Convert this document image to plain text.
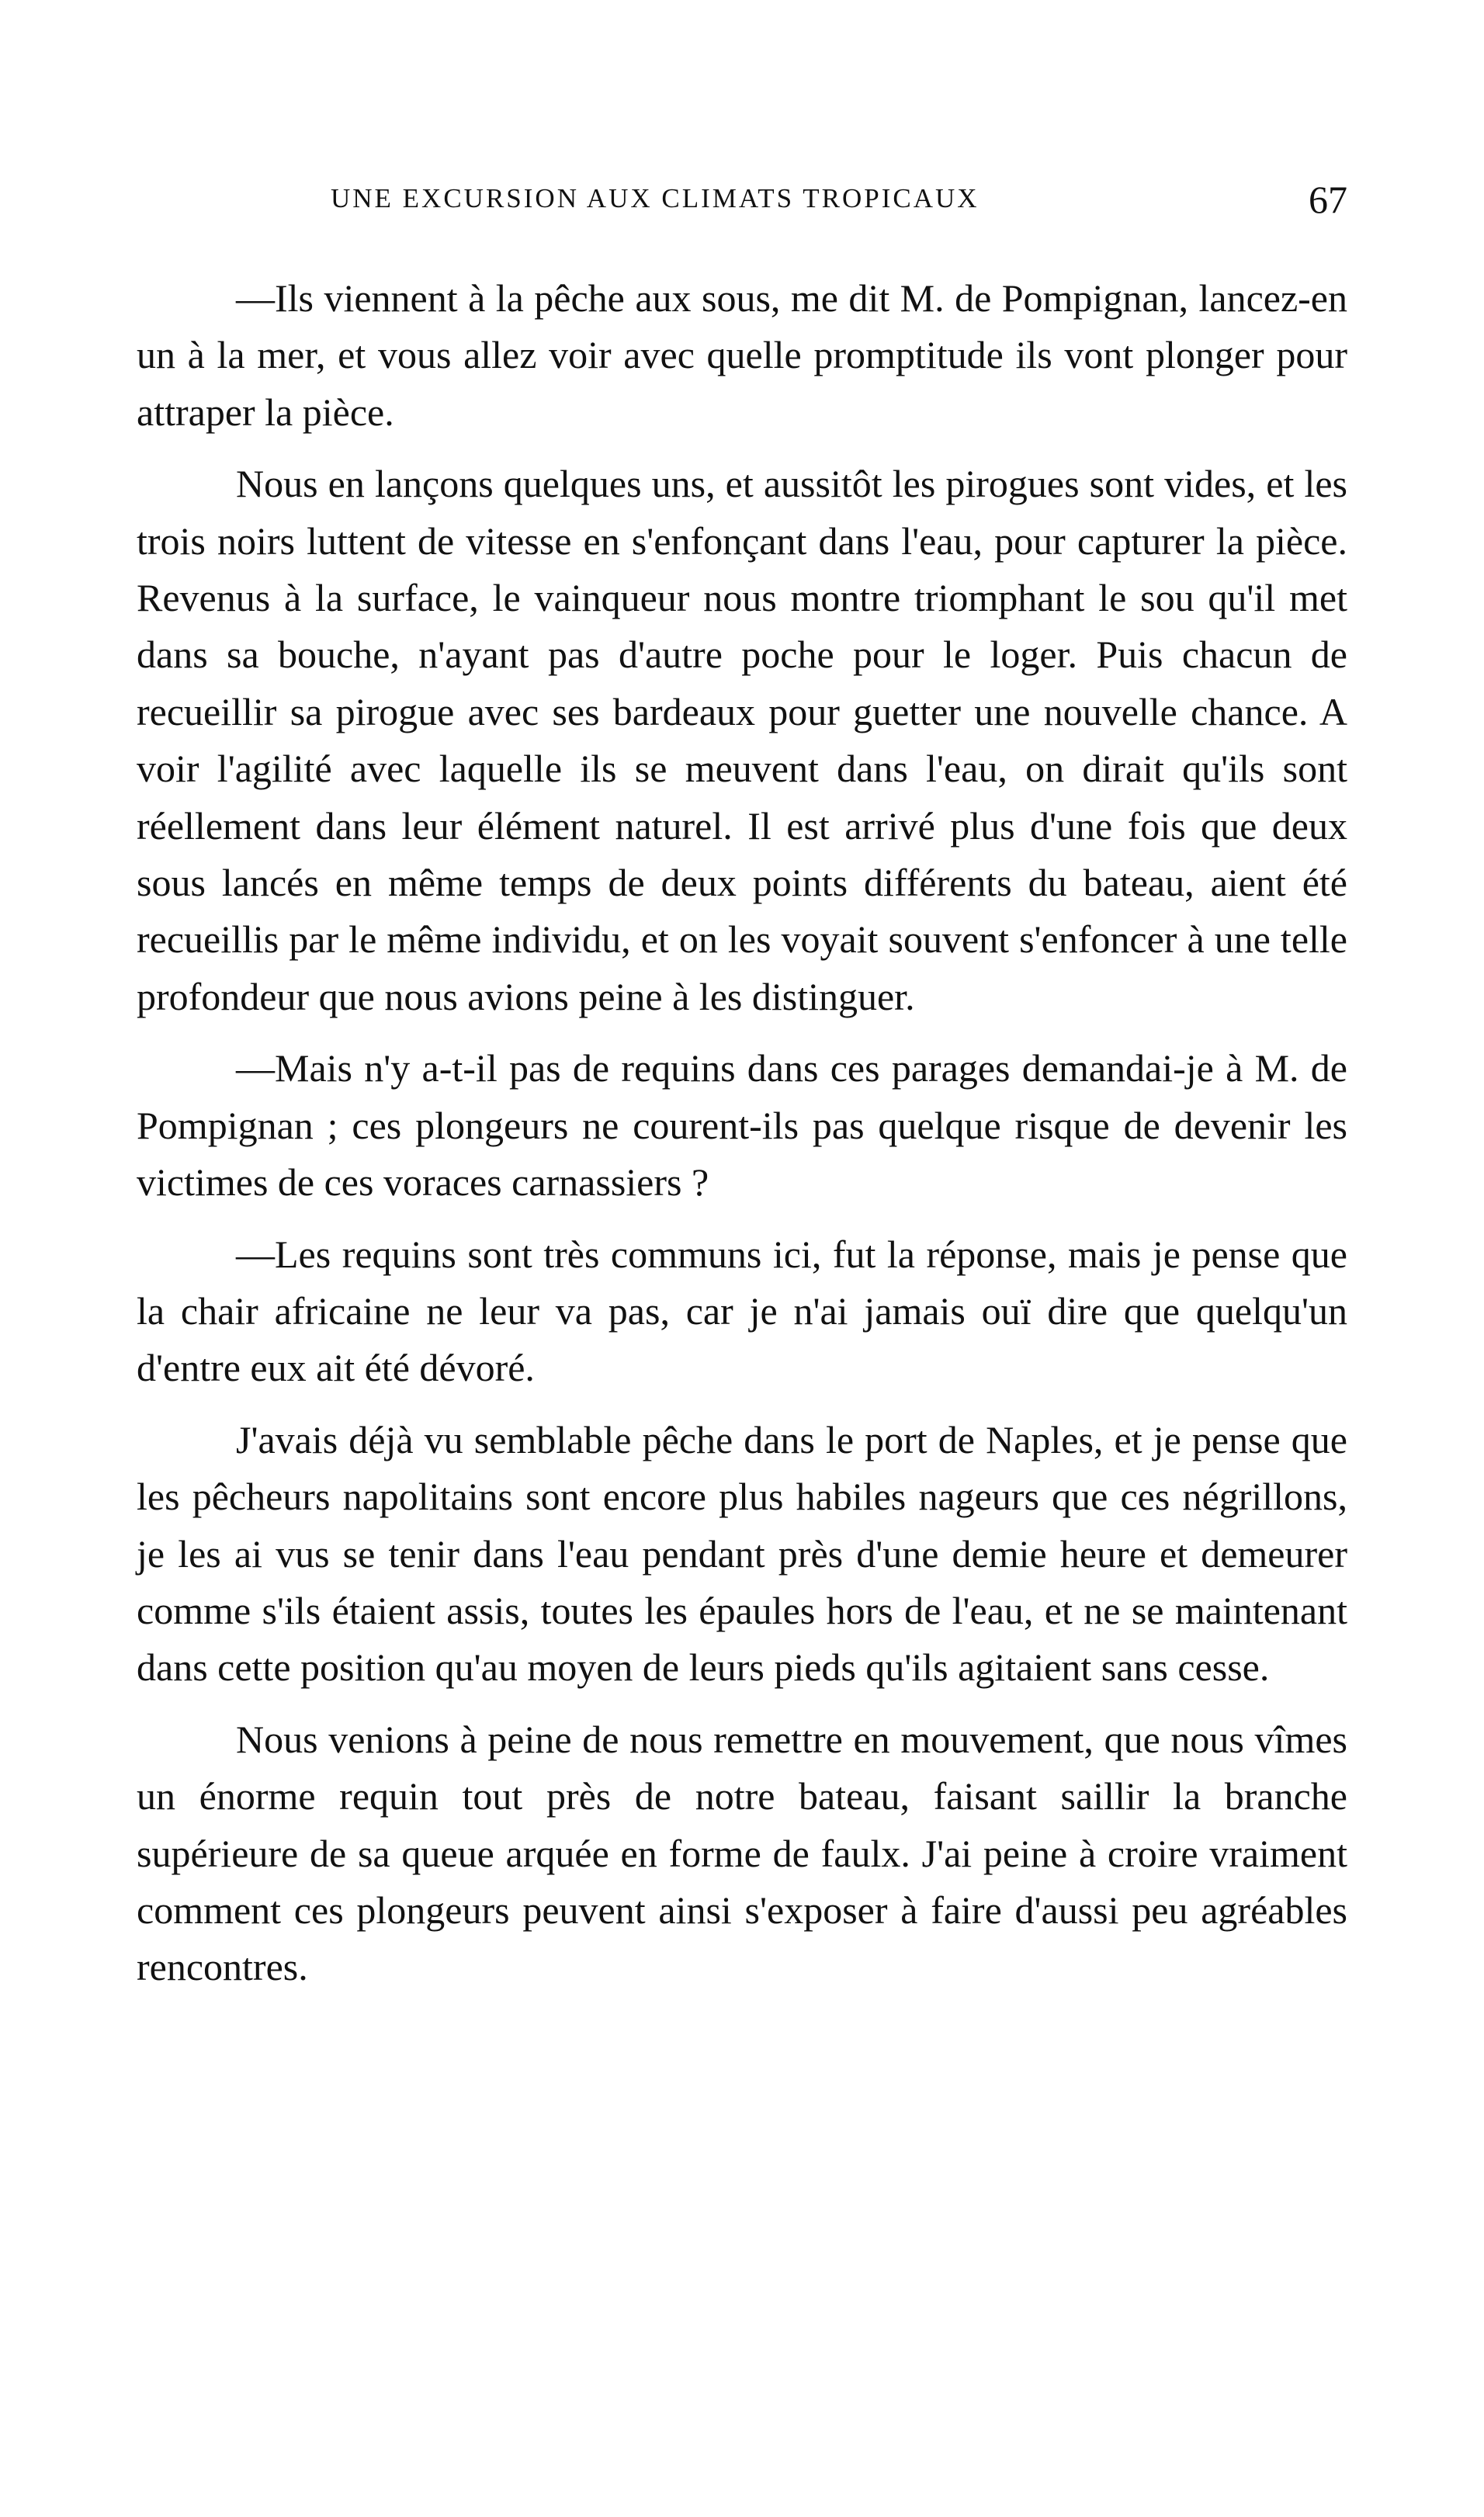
UNE EXCURSION AUX CLIMATS TROPICAUX	67

—Ils viennent à la pêche aux sous, me dit M. de Pompignan, lancez-en un à la mer, et vous allez voir avec quelle promptitude ils vont plonger pour attraper la pièce.

Nous en lançons quelques uns, et aussitôt les pirogues sont vides, et les trois noirs luttent de vitesse en s'enfonçant dans l'eau, pour capturer la pièce. Revenus à la surface, le vainqueur nous montre triomphant le sou qu'il met dans sa bouche, n'ayant pas d'autre poche pour le loger. Puis chacun de recueillir sa pirogue avec ses bardeaux pour guetter une nouvelle chance. A voir l'agilité avec laquelle ils se meuvent dans l'eau, on dirait qu'ils sont réellement dans leur élément naturel. Il est arrivé plus d'une fois que deux sous lancés en même temps de deux points différents du bateau, aient été recueillis par le même individu, et on les voyait souvent s'enfoncer à une telle profondeur que nous avions peine à les distinguer.

—Mais n'y a-t-il pas de requins dans ces parages demandai-je à M. de Pompignan ; ces plongeurs ne courent-ils pas quelque risque de devenir les victimes de ces voraces carnassiers ?

—Les requins sont très communs ici, fut la réponse, mais je pense que la chair africaine ne leur va pas, car je n'ai jamais ouï dire que quelqu'un d'entre eux ait été dévoré.

J'avais déjà vu semblable pêche dans le port de Naples, et je pense que les pêcheurs napolitains sont encore plus habiles nageurs que ces négrillons, je les ai vus se tenir dans l'eau pendant près d'une demie heure et demeurer comme s'ils étaient assis, toutes les épaules hors de l'eau, et ne se maintenant dans cette position qu'au moyen de leurs pieds qu'ils agitaient sans cesse.

Nous venions à peine de nous remettre en mouvement, que nous vîmes un énorme requin tout près de notre bateau, faisant saillir la branche supérieure de sa queue arquée en forme de faulx. J'ai peine à croire vraiment comment ces plongeurs peuvent ainsi s'exposer à faire d'aussi peu agréables rencontres.
